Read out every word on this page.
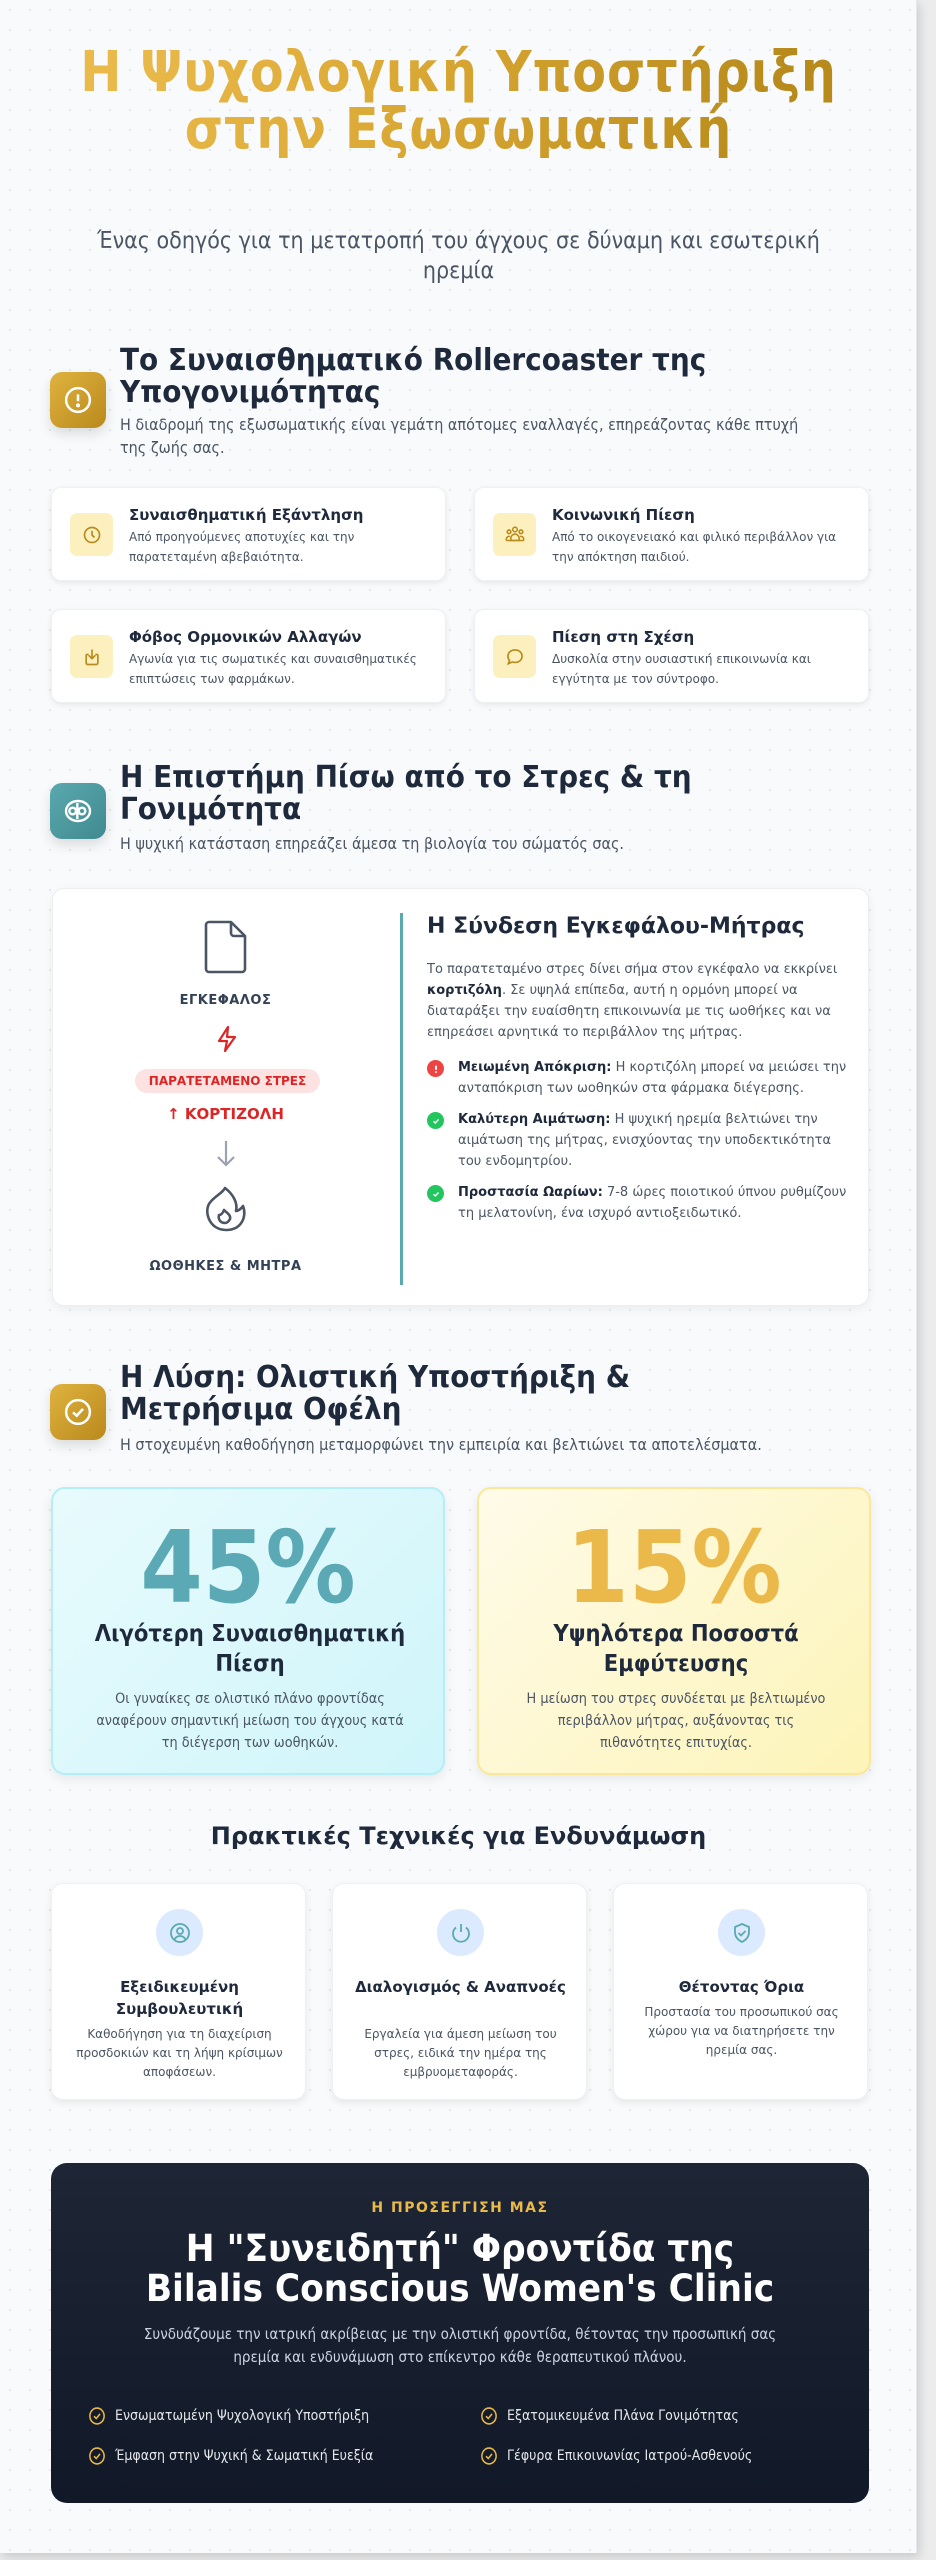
Η Ψυχολογική Υποστήριξη στην Εξωσωματική

Ένας οδηγός για τη μετατροπή του άγχους σε δύναμη και εσωτερική ηρεμία

Το Συναισθηματικό Rollercoaster της Υπογονιμότητας

Η διαδρομή της εξωσωματικής είναι γεμάτη απότομες εναλλαγές, επηρεάζοντας κάθε πτυχή της ζωής σας.

Συναισθηματική Εξάντληση
Από προηγούμενες αποτυχίες και την παρατεταμένη αβεβαιότητα.
Κοινωνική Πίεση
Από το οικογενειακό και φιλικό περιβάλλον για την απόκτηση παιδιού.
Φόβος Ορμονικών Αλλαγών
Αγωνία για τις σωματικές και συναισθηματικές επιπτώσεις των φαρμάκων.
Πίεση στη Σχέση
Δυσκολία στην ουσιαστική επικοινωνία και εγγύτητα με τον σύντροφο.
Η Επιστήμη Πίσω από το Στρες & τη Γονιμότητα

Η ψυχική κατάσταση επηρεάζει άμεσα τη βιολογία του σώματός σας.

ΕΓΚΕΦΑΛΟΣ
ΠΑΡΑΤΕΤΑΜΕΝΟ ΣΤΡΕΣ
↑ ΚΟΡΤΙΖΟΛΗ
ΩΟΘΗΚΕΣ & ΜΗΤΡΑ
Η Σύνδεση Εγκεφάλου-Μήτρας

Το παρατεταμένο στρες δίνει σήμα στον εγκέφαλο να εκκρίνει κορτιζόλη. Σε υψηλά επίπεδα, αυτή η ορμόνη μπορεί να διαταράξει την ευαίσθητη επικοινωνία με τις ωοθήκες και να επηρεάσει αρνητικά το περιβάλλον της μήτρας.

Μειωμένη Απόκριση: Η κορτιζόλη μπορεί να μειώσει την ανταπόκριση των ωοθηκών στα φάρμακα διέγερσης.
Καλύτερη Αιμάτωση: Η ψυχική ηρεμία βελτιώνει την αιμάτωση της μήτρας, ενισχύοντας την υποδεκτικότητα του ενδομητρίου.
Προστασία Ωαρίων: 7-8 ώρες ποιοτικού ύπνου ρυθμίζουν τη μελατονίνη, ένα ισχυρό αντιοξειδωτικό.
Η Λύση: Ολιστική Υποστήριξη & Μετρήσιμα Οφέλη

Η στοχευμένη καθοδήγηση μεταμορφώνει την εμπειρία και βελτιώνει τα αποτελέσματα.

45%
Λιγότερη Συναισθηματική Πίεση
Οι γυναίκες σε ολιστικό πλάνο φροντίδας αναφέρουν σημαντική μείωση του άγχους κατά τη διέγερση των ωοθηκών.
15%
Υψηλότερα Ποσοστά Εμφύτευσης
Η μείωση του στρες συνδέεται με βελτιωμένο περιβάλλον μήτρας, αυξάνοντας τις πιθανότητες επιτυχίας.
Πρακτικές Τεχνικές για Ενδυνάμωση
Εξειδικευμένη Συμβουλευτική
Καθοδήγηση για τη διαχείριση προσδοκιών και τη λήψη κρίσιμων αποφάσεων.
Διαλογισμός & Αναπνοές
Εργαλεία για άμεση μείωση του στρες, ειδικά την ημέρα της εμβρυομεταφοράς.
Θέτοντας Όρια
Προστασία του προσωπικού σας χώρου για να διατηρήσετε την ηρεμία σας.
Η ΠΡΟΣΕΓΓΙΣΗ ΜΑΣ
Η "Συνειδητή" Φροντίδα της
Bilalis Conscious Women's Clinic

Συνδυάζουμε την ιατρική ακρίβειας με την ολιστική φροντίδα, θέτοντας την προσωπική σας ηρεμία και ενδυνάμωση στο επίκεντρο κάθε θεραπευτικού πλάνου.

Ενσωματωμένη Ψυχολογική Υποστήριξη	Εξατομικευμένα Πλάνα Γονιμότητας
Έμφαση στην Ψυχική & Σωματική Ευεξία	Γέφυρα Επικοινωνίας Ιατρού-Ασθενούς
